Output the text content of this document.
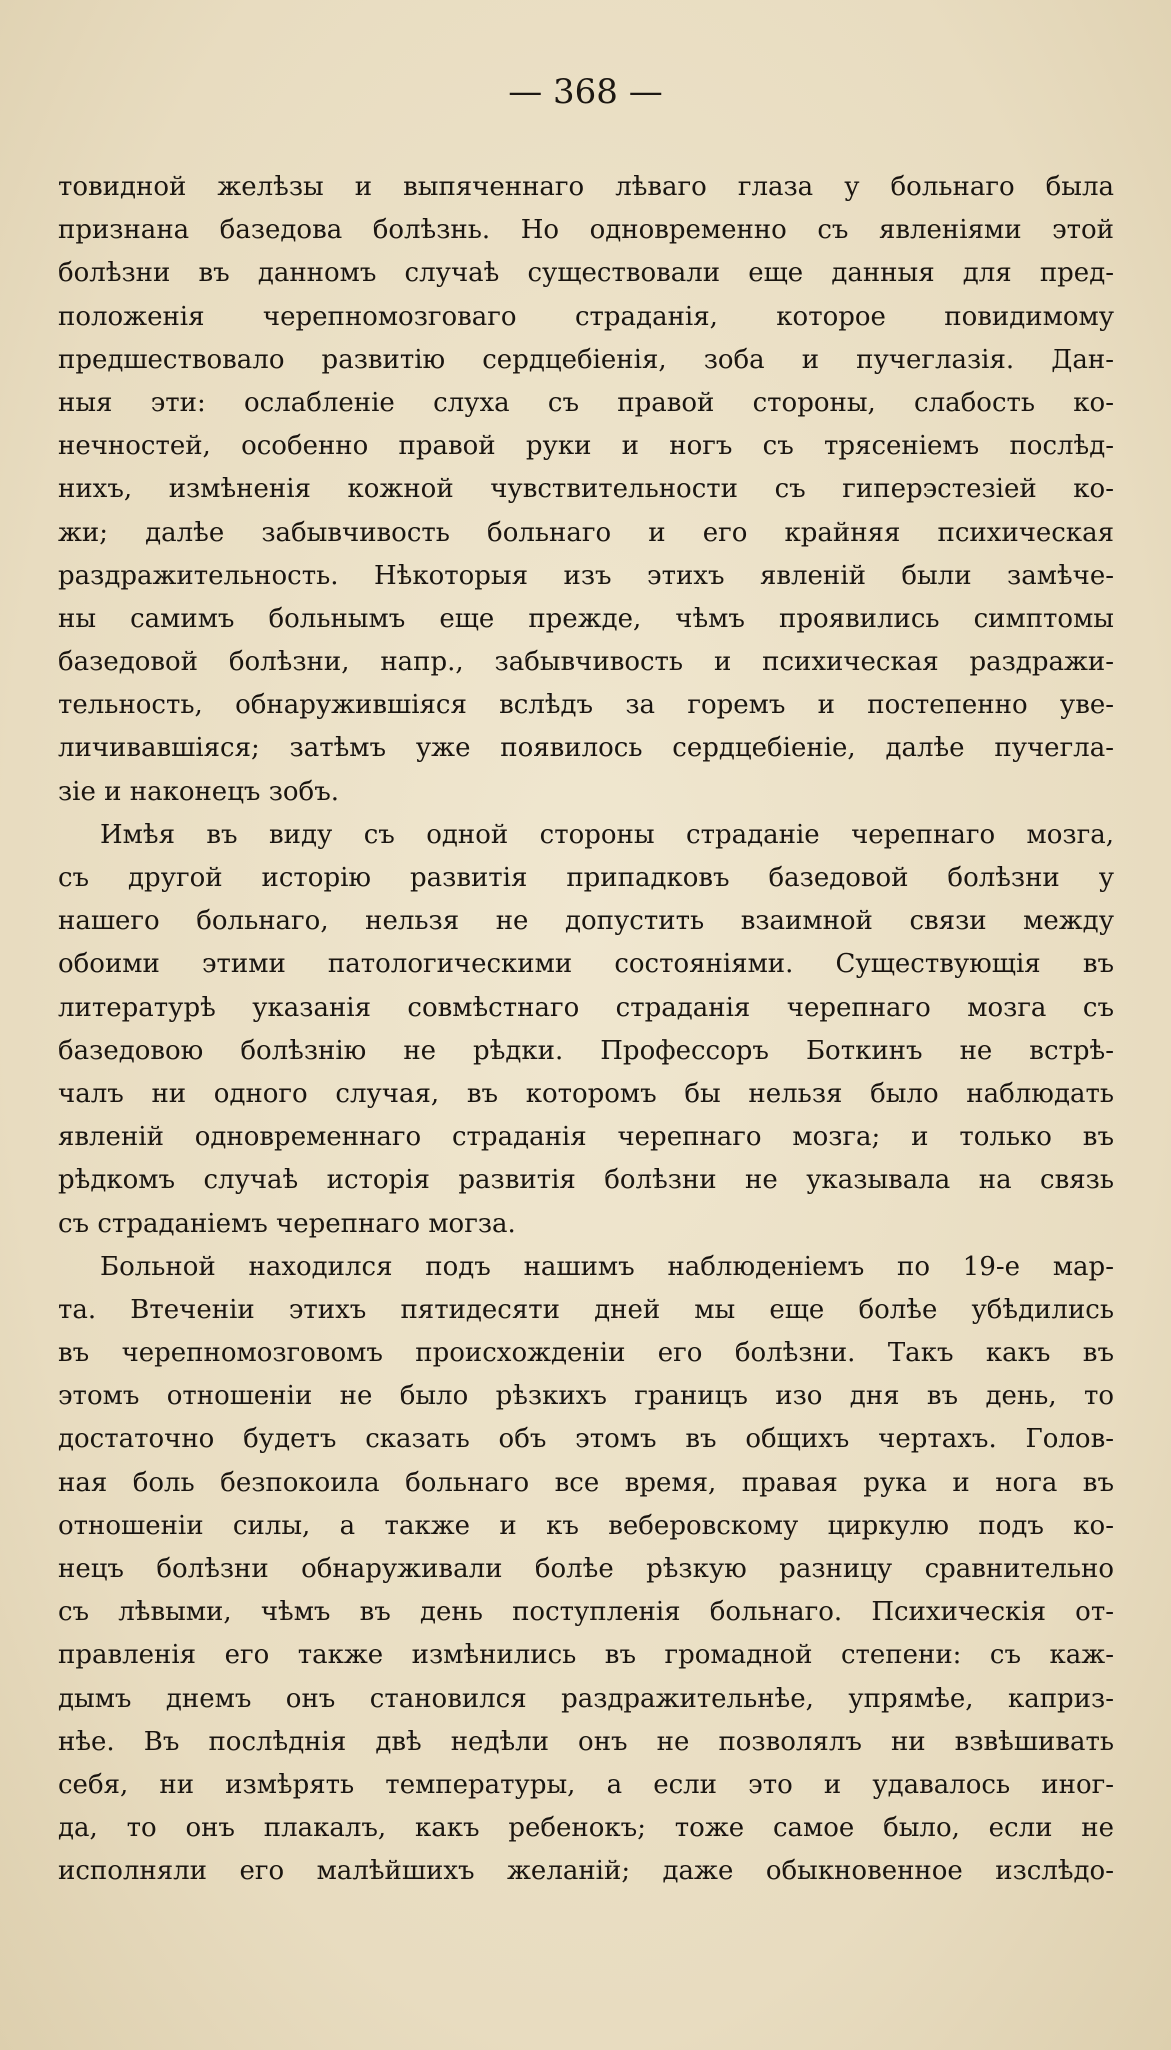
— 368 —
товидной желѣзы и выпяченнаго лѣваго глаза у больнаго была
признана базедова болѣзнь. Но одновременно съ явленіями этой
болѣзни въ данномъ случаѣ существовали еще данныя для пред-
положенія черепномозговаго страданія, которое повидимому
предшествовало развитію сердцебіенія, зоба и пучеглазія. Дан-
ныя эти: ослабленіе слуха съ правой стороны, слабость ко-
нечностей, особенно правой руки и ногъ съ трясеніемъ послѣд-
нихъ, измѣненія кожной чувствительности съ гиперэстезіей ко-
жи; далѣе забывчивость больнаго и его крайняя психическая
раздражительность. Нѣкоторыя изъ этихъ явленій были замѣче-
ны самимъ больнымъ еще прежде, чѣмъ проявились симптомы
базедовой болѣзни, напр., забывчивость и психическая раздражи-
тельность, обнаружившіяся вслѣдъ за горемъ и постепенно уве-
личивавшіяся; затѣмъ уже появилось сердцебіеніе, далѣе пучегла-
зіе и наконецъ зобъ.
Имѣя въ виду съ одной стороны страданіе черепнаго мозга,
съ другой исторію развитія припадковъ базедовой болѣзни у
нашего больнаго, нельзя не допустить взаимной связи между
обоими этими патологическими состояніями. Существующія въ
литературѣ указанія совмѣстнаго страданія черепнаго мозга съ
базедовою болѣзнію не рѣдки. Профессоръ Боткинъ не встрѣ-
чалъ ни одного случая, въ которомъ бы нельзя было наблюдать
явленій одновременнаго страданія черепнаго мозга; и только въ
рѣдкомъ случаѣ исторія развитія болѣзни не указывала на связь
съ страданіемъ черепнаго могза.
Больной находился подъ нашимъ наблюденіемъ по 19-е мар-
та. Втеченіи этихъ пятидесяти дней мы еще болѣе убѣдились
въ черепномозговомъ происхожденіи его болѣзни. Такъ какъ въ
этомъ отношеніи не было рѣзкихъ границъ изо дня въ день, то
достаточно будетъ сказать объ этомъ въ общихъ чертахъ. Голов-
ная боль безпокоила больнаго все время, правая рука и нога въ
отношеніи силы, а также и къ веберовскому циркулю подъ ко-
нецъ болѣзни обнаруживали болѣе рѣзкую разницу сравнительно
съ лѣвыми, чѣмъ въ день поступленія больнаго. Психическія от-
правленія его также измѣнились въ громадной степени: съ каж-
дымъ днемъ онъ становился раздражительнѣе, упрямѣе, каприз-
нѣе. Въ послѣднія двѣ недѣли онъ не позволялъ ни взвѣшивать
себя, ни измѣрять температуры, а если это и удавалось иног-
да, то онъ плакалъ, какъ ребенокъ; тоже самое было, если не
исполняли его малѣйшихъ желаній; даже обыкновенное изслѣдо-
